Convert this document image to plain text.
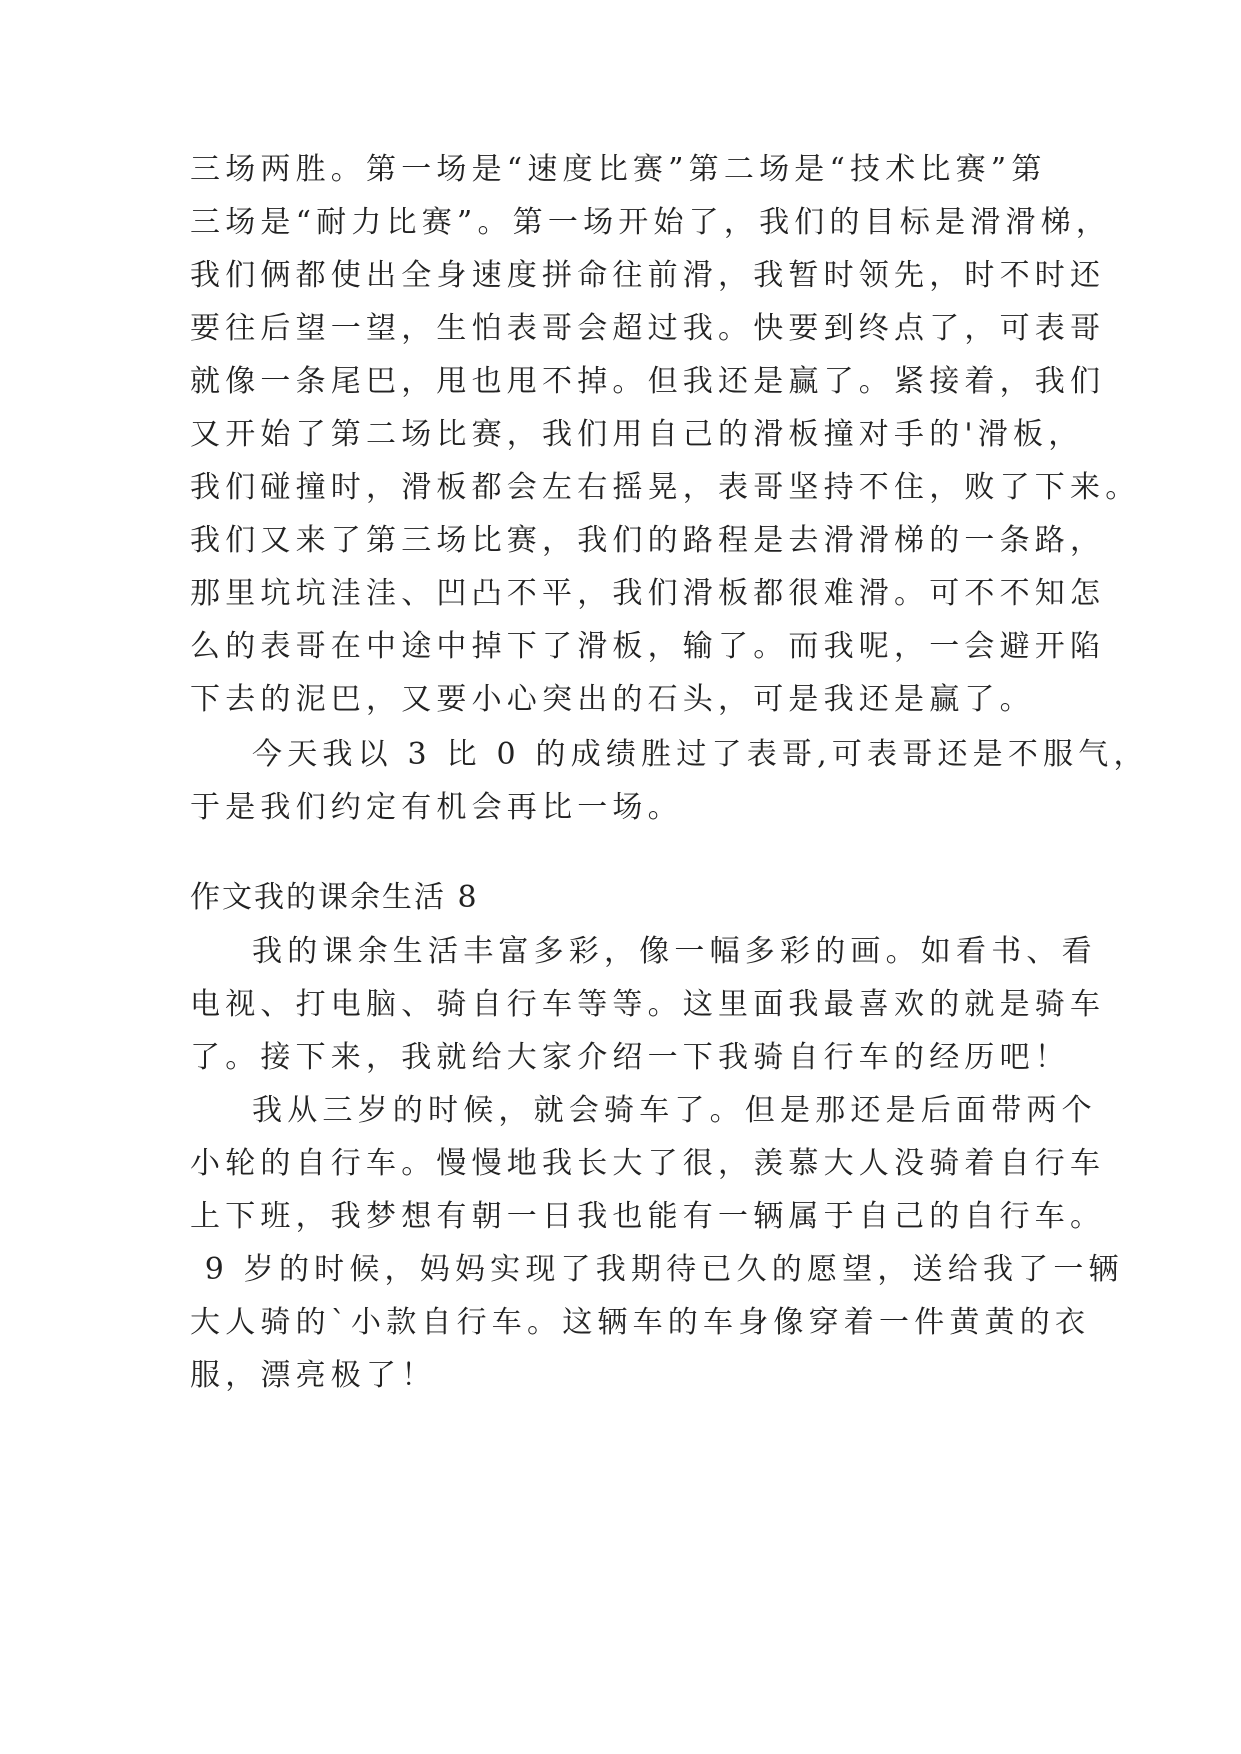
三场两胜。第一场是“速度比赛”第二场是“技术比赛”第
三场是“耐力比赛”。第一场开始了，我们的目标是滑滑梯，
我们俩都使出全身速度拼命往前滑，我暂时领先，时不时还
要往后望一望，生怕表哥会超过我。快要到终点了，可表哥
就像一条尾巴，甩也甩不掉。但我还是赢了。紧接着，我们
又开始了第二场比赛，我们用自己的滑板撞对手的'滑板，
我们碰撞时，滑板都会左右摇晃，表哥坚持不住，败了下来。
我们又来了第三场比赛，我们的路程是去滑滑梯的一条路，
那里坑坑洼洼、凹凸不平，我们滑板都很难滑。可不不知怎
么的表哥在中途中掉下了滑板，输了。而我呢，一会避开陷
下去的泥巴，又要小心突出的石头，可是我还是赢了。
今天我以 3 比 0 的成绩胜过了表哥,可表哥还是不服气，
于是我们约定有机会再比一场。
作文我的课余生活 8
我的课余生活丰富多彩，像一幅多彩的画。如看书、看
电视、打电脑、骑自行车等等。这里面我最喜欢的就是骑车
了。接下来，我就给大家介绍一下我骑自行车的经历吧！
我从三岁的时候，就会骑车了。但是那还是后面带两个
小轮的自行车。慢慢地我长大了很，羡慕大人没骑着自行车
上下班，我梦想有朝一日我也能有一辆属于自己的自行车。
9 岁的时候，妈妈实现了我期待已久的愿望，送给我了一辆
大人骑的`小款自行车。这辆车的车身像穿着一件黄黄的衣
服，漂亮极了！
